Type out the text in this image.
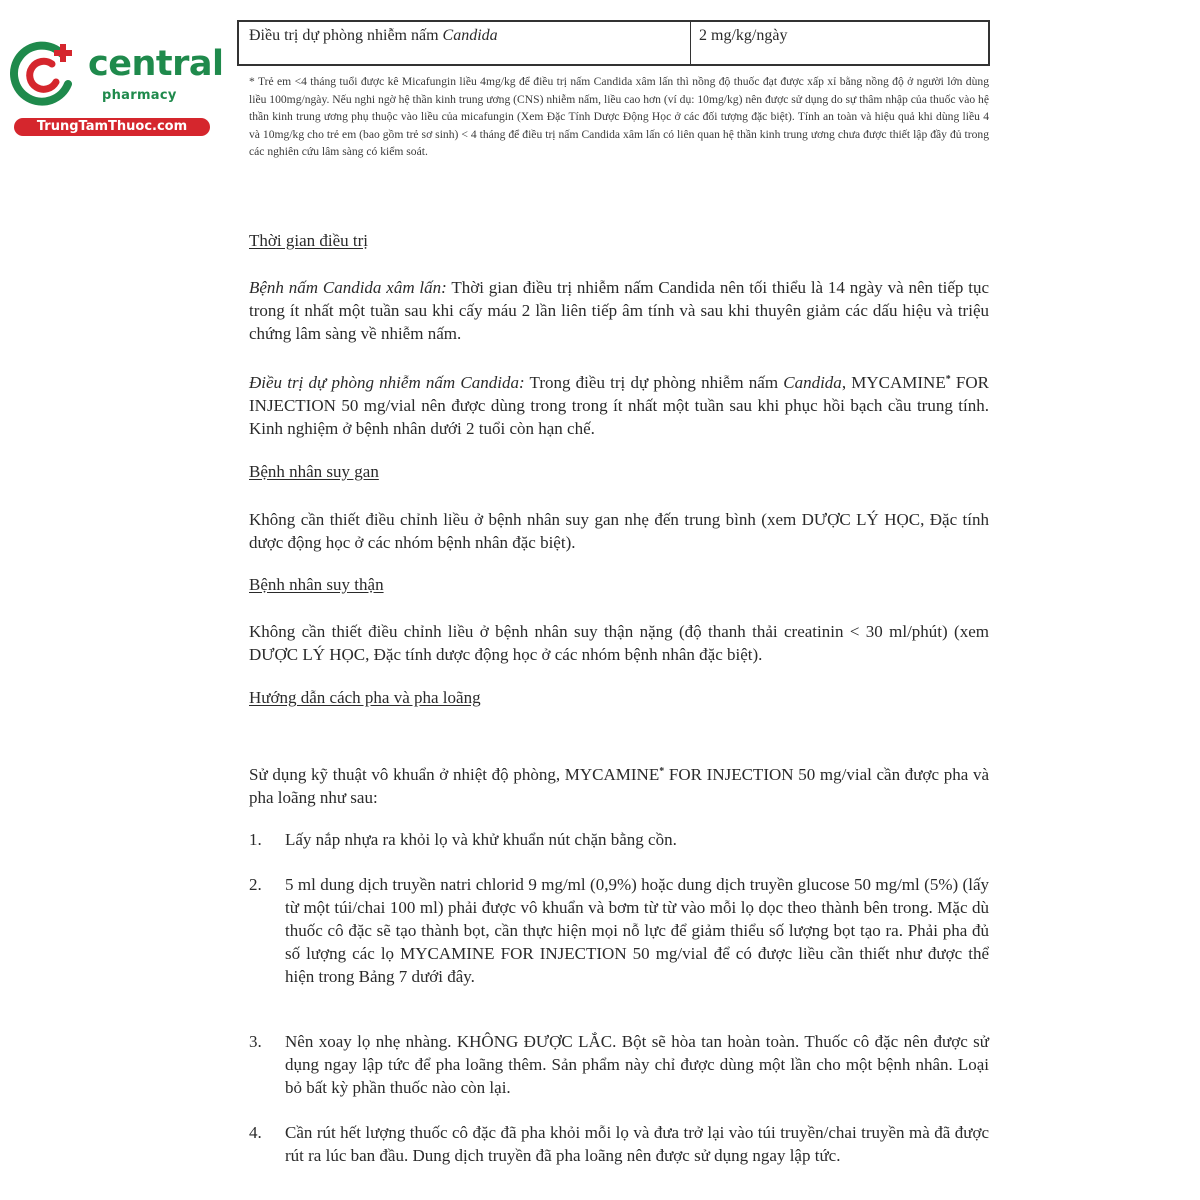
central
pharmacy
TrungTamThuoc.com
Điều trị dự phòng nhiễm nấm Candida	2 mg/kg/ngày
* Trẻ em <4 tháng tuổi được kê Micafungin liều 4mg/kg để điều trị nấm Candida xâm lấn thì nồng độ thuốc đạt được xấp xỉ bằng nồng độ ở người lớn dùng liều 100mg/ngày. Nếu nghi ngờ hệ thần kinh trung ương (CNS) nhiễm nấm, liều cao hơn (ví dụ: 10mg/kg) nên được sử dụng do sự thâm nhập của thuốc vào hệ thần kinh trung ương phụ thuộc vào liều của micafungin (Xem Đặc Tính Dược Động Học ở các đối tượng đặc biệt). Tính an toàn và hiệu quả khi dùng liều 4 và 10mg/kg cho trẻ em (bao gồm trẻ sơ sinh) < 4 tháng để điều trị nấm Candida xâm lấn có liên quan hệ thần kinh trung ương chưa được thiết lập đầy đủ trong các nghiên cứu lâm sàng có kiểm soát.
Thời gian điều trị
Bệnh nấm Candida xâm lấn: Thời gian điều trị nhiễm nấm Candida nên tối thiểu là 14 ngày và nên tiếp tục trong ít nhất một tuần sau khi cấy máu 2 lần liên tiếp âm tính và sau khi thuyên giảm các dấu hiệu và triệu chứng lâm sàng về nhiễm nấm.
Điều trị dự phòng nhiễm nấm Candida: Trong điều trị dự phòng nhiễm nấm Candida, MYCAMINE* FOR INJECTION 50 mg/vial nên được dùng trong trong ít nhất một tuần sau khi phục hồi bạch cầu trung tính. Kinh nghiệm ở bệnh nhân dưới 2 tuổi còn hạn chế.
Bệnh nhân suy gan
Không cần thiết điều chỉnh liều ở bệnh nhân suy gan nhẹ đến trung bình (xem DƯỢC LÝ HỌC, Đặc tính dược động học ở các nhóm bệnh nhân đặc biệt).
Bệnh nhân suy thận
Không cần thiết điều chỉnh liều ở bệnh nhân suy thận nặng (độ thanh thải creatinin < 30 ml/phút) (xem DƯỢC LÝ HỌC, Đặc tính dược động học ở các nhóm bệnh nhân đặc biệt).
Hướng dẫn cách pha và pha loãng
Sử dụng kỹ thuật vô khuẩn ở nhiệt độ phòng, MYCAMINE* FOR INJECTION 50 mg/vial cần được pha và pha loãng như sau:
1.	Lấy nắp nhựa ra khỏi lọ và khử khuẩn nút chặn bằng cồn.
2.	5 ml dung dịch truyền natri chlorid 9 mg/ml (0,9%) hoặc dung dịch truyền glucose 50 mg/ml (5%) (lấy từ một túi/chai 100 ml) phải được vô khuẩn và bơm từ từ vào mỗi lọ dọc theo thành bên trong. Mặc dù thuốc cô đặc sẽ tạo thành bọt, cần thực hiện mọi nỗ lực để giảm thiểu số lượng bọt tạo ra. Phải pha đủ số lượng các lọ MYCAMINE FOR INJECTION 50 mg/vial để có được liều cần thiết như được thể hiện trong Bảng 7 dưới đây.
3.	Nên xoay lọ nhẹ nhàng. KHÔNG ĐƯỢC LẮC. Bột sẽ hòa tan hoàn toàn. Thuốc cô đặc nên được sử dụng ngay lập tức để pha loãng thêm. Sản phẩm này chỉ được dùng một lần cho một bệnh nhân. Loại bỏ bất kỳ phần thuốc nào còn lại.
4.	Cần rút hết lượng thuốc cô đặc đã pha khỏi mỗi lọ và đưa trở lại vào túi truyền/chai truyền mà đã được rút ra lúc ban đầu. Dung dịch truyền đã pha loãng nên được sử dụng ngay lập tức.
